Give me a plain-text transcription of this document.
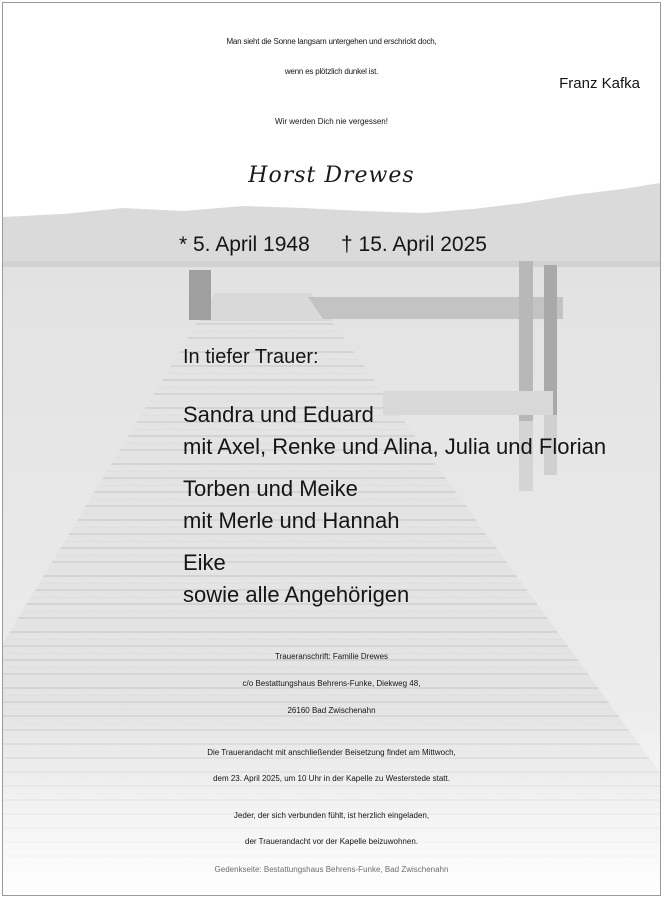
Man sieht die Sonne langsam untergehen und erschrickt doch,

wenn es plötzlich dunkel ist.

Franz Kafka

Wir werden Dich nie vergessen!

Horst Drewes

* 5. April 1948 † 15. April 2025

In tiefer Trauer:

Sandra und Eduard

mit Axel, Renke und Alina, Julia und Florian

Torben und Meike

mit Merle und Hannah

Eike

sowie alle Angehörigen

Traueranschrift: Familie Drewes

c/o Bestattungshaus Behrens-Funke, Diekweg 48,

26160 Bad Zwischenahn

Die Trauerandacht mit anschließender Beisetzung findet am Mittwoch,

dem 23. April 2025, um 10 Uhr in der Kapelle zu Westerstede statt.

Jeder, der sich verbunden fühlt, ist herzlich eingeladen,

der Trauerandacht vor der Kapelle beizuwohnen.

Gedenkseite: Bestattungshaus Behrens-Funke, Bad Zwischenahn
